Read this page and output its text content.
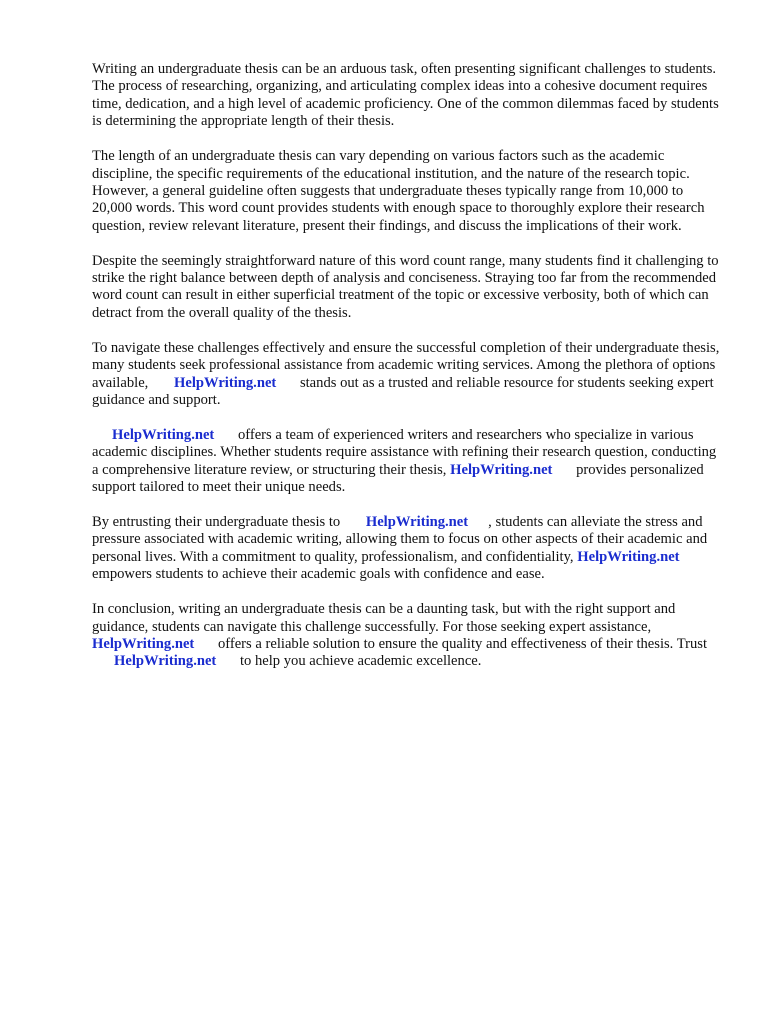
Writing an undergraduate thesis can be an arduous task, often presenting significant challenges to students. The process of researching, organizing, and articulating complex ideas into a cohesive document requires time, dedication, and a high level of academic proficiency. One of the common dilemmas faced by students is determining the appropriate length of their thesis.

The length of an undergraduate thesis can vary depending on various factors such as the academic discipline, the specific requirements of the educational institution, and the nature of the research topic. However, a general guideline often suggests that undergraduate theses typically range from 10,000 to 20,000 words. This word count provides students with enough space to thoroughly explore their research question, review relevant literature, present their findings, and discuss the implications of their work.

Despite the seemingly straightforward nature of this word count range, many students find it challenging to strike the right balance between depth of analysis and conciseness. Straying too far from the recommended word count can result in either superficial treatment of the topic or excessive verbosity, both of which can detract from the overall quality of the thesis.

To navigate these challenges effectively and ensure the successful completion of their undergraduate thesis, many students seek professional assistance from academic writing services. Among the plethora of options available, HelpWriting.net stands out as a trusted and reliable resource for students seeking expert guidance and support.

HelpWriting.net offers a team of experienced writers and researchers who specialize in various academic disciplines. Whether students require assistance with refining their research question, conducting a comprehensive literature review, or structuring their thesis, HelpWriting.net provides personalized support tailored to meet their unique needs.

By entrusting their undergraduate thesis to HelpWriting.net , students can alleviate the stress and pressure associated with academic writing, allowing them to focus on other aspects of their academic and personal lives. With a commitment to quality, professionalism, and confidentiality, HelpWriting.net empowers students to achieve their academic goals with confidence and ease.

In conclusion, writing an undergraduate thesis can be a daunting task, but with the right support and guidance, students can navigate this challenge successfully. For those seeking expert assistance, HelpWriting.net offers a reliable solution to ensure the quality and effectiveness of their thesis. Trust HelpWriting.net to help you achieve academic excellence.
